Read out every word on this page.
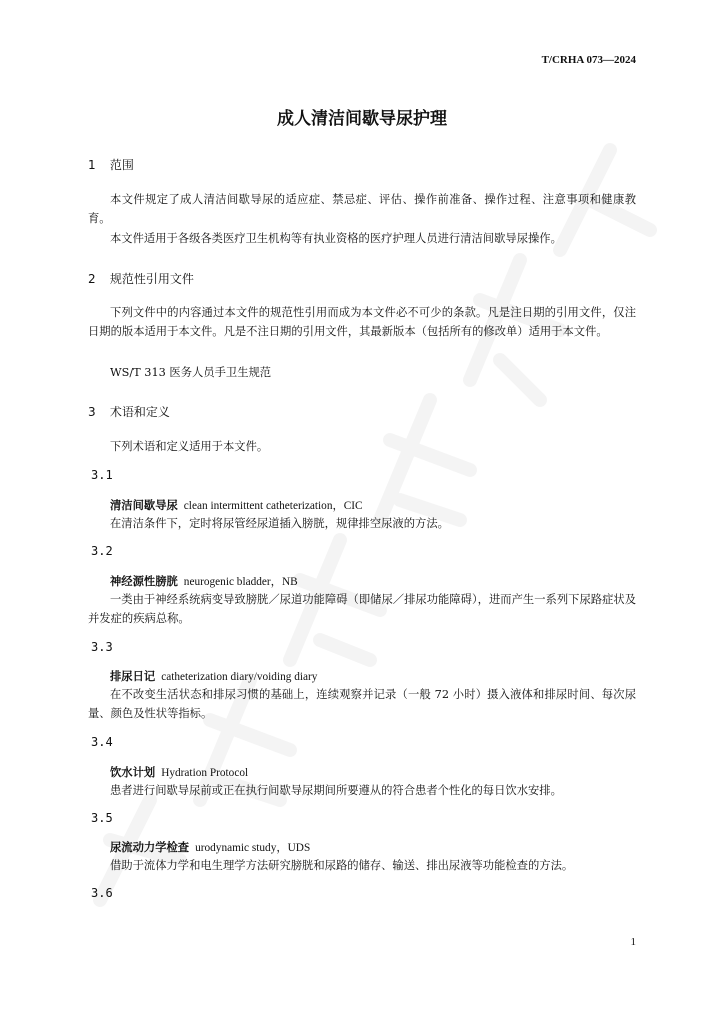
T/CRHA 073—2024
成人清洁间歇导尿护理
1 范围
本文件规定了成人清洁间歇导尿的适应症、禁忌症、评估、操作前准备、操作过程、注意事项和健康教育。
本文件适用于各级各类医疗卫生机构等有执业资格的医疗护理人员进行清洁间歇导尿操作。
2 规范性引用文件
下列文件中的内容通过本文件的规范性引用而成为本文件必不可少的条款。凡是注日期的引用文件，仅注日期的版本适用于本文件。凡是不注日期的引用文件，其最新版本（包括所有的修改单）适用于本文件。
WS/T 313 医务人员手卫生规范
3 术语和定义
下列术语和定义适用于本文件。
3.1
清洁间歇导尿 clean intermittent catheterization，CIC
在清洁条件下，定时将尿管经尿道插入膀胱，规律排空尿液的方法。
3.2
神经源性膀胱 neurogenic bladder，NB
一类由于神经系统病变导致膀胱／尿道功能障碍（即储尿／排尿功能障碍），进而产生一系列下尿路症状及并发症的疾病总称。
3.3
排尿日记 catheterization diary/voiding diary
在不改变生活状态和排尿习惯的基础上，连续观察并记录（一般 72 小时）摄入液体和排尿时间、每次尿量、颜色及性状等指标。
3.4
饮水计划 Hydration Protocol
患者进行间歇导尿前或正在执行间歇导尿期间所要遵从的符合患者个性化的每日饮水安排。
3.5
尿流动力学检查 urodynamic study，UDS
借助于流体力学和电生理学方法研究膀胱和尿路的储存、输送、排出尿液等功能检查的方法。
3.6
1
